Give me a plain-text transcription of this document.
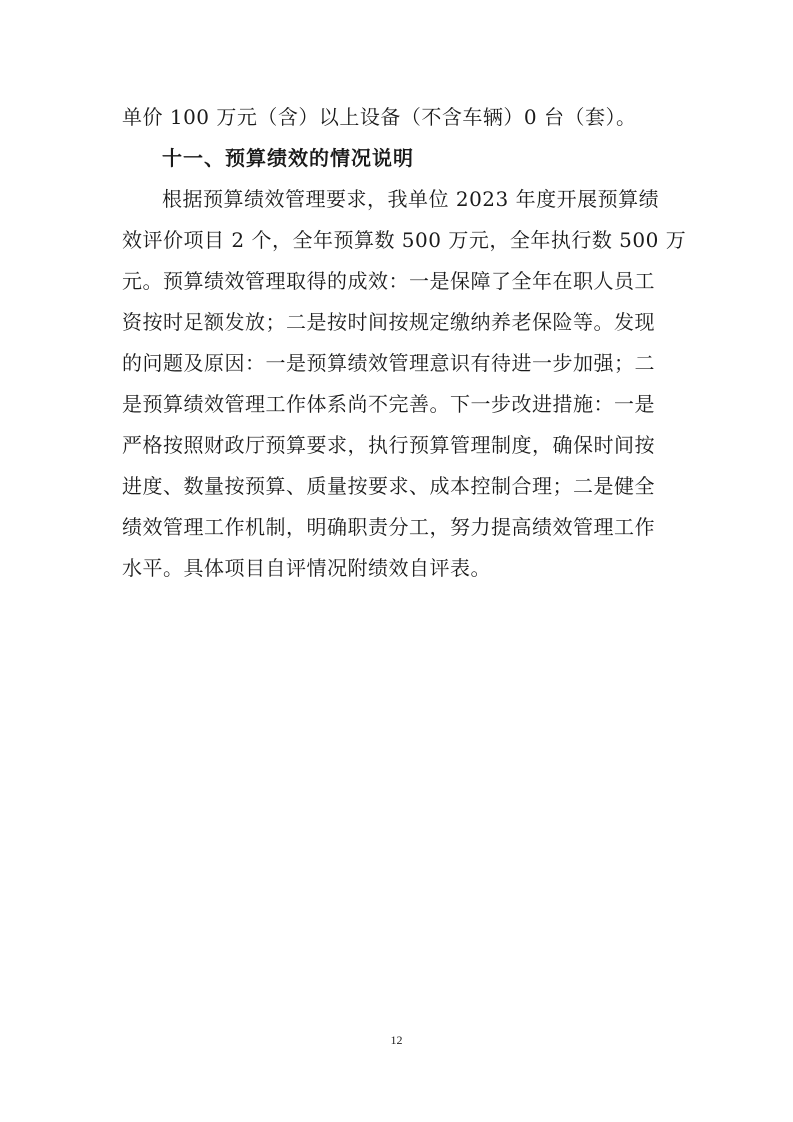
单价 100 万元（含）以上设备（不含车辆）0 台（套）。

十一、预算绩效的情况说明

根据预算绩效管理要求，我单位 2023 年度开展预算绩

效评价项目 2 个，全年预算数 500 万元，全年执行数 500 万

元。预算绩效管理取得的成效：一是保障了全年在职人员工

资按时足额发放；二是按时间按规定缴纳养老保险等。发现

的问题及原因：一是预算绩效管理意识有待进一步加强；二

是预算绩效管理工作体系尚不完善。下一步改进措施：一是

严格按照财政厅预算要求，执行预算管理制度，确保时间按

进度、数量按预算、质量按要求、成本控制合理；二是健全

绩效管理工作机制，明确职责分工，努力提高绩效管理工作

水平。具体项目自评情况附绩效自评表。

12
